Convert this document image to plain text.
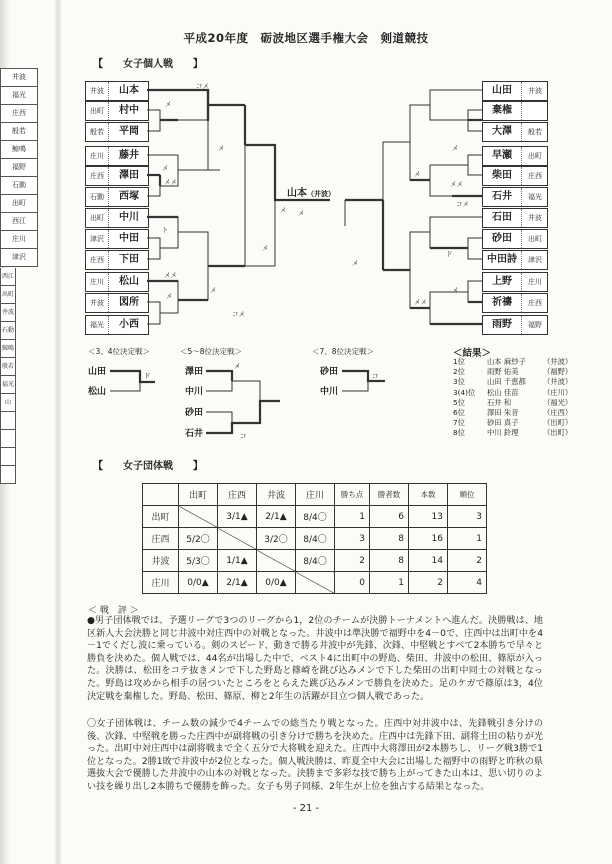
井波
福光
庄西
般若
鯨鳴
福野
石動
出町
西江
庄川
津沢
西江
出町
井波
石動
鯨鳴
般若
福光
山
平成20年度　砺波地区選手権大会　剣道競技
【　　女子個人戦　　】
井波	山本
出町	村中
般若	平岡
庄川	藤井
庄西	澤田
石動	西塚
出町	中川
津沢	中田
庄西	下田
庄川	松山
井波	図所
福光	小西
山田	井波
棄権
大澤	般若
早瀬	出町
柴田	庄西
石井	福光
石田	井波
砂田	出町
中田詩	津沢
上野	庄川
祈禱	庄西
雨野	福野
メ
コメ
メ
メメ
メ
ト
メメ
メ
メ
コメ
メ
メ
メ
メメ
コメ
メ
ド
メ
メメ
メ
メ
山本（井波）
＜3、4位決定戦＞	＜5～8位決定戦＞	＜7、8位決定戦＞
ド
メ
コ
コ
山田
松山
澤田
中川
砂田
石井
砂田
中川
＜結果＞
1位	山本 麻紗子 （井波）
2位	雨野 佑美	（福野）
3位	山田 千恵都 （井波）
3(4)位 松山 佳苗	（庄川）
5位	石井 和	（福光）
6位	澤田 朱音	（庄西）
7位	砂田 真子	（出町）
8位	中川 鈴理	（出町）
【　　女子団体戦　　】
	出町	庄西	井波	庄川	勝ち点	勝者数	本数	順位
出町		3/1▲	2/1▲	8/4〇	1	6	13	3
庄西	5/2〇		3/2〇	8/4〇	3	8	16	1
井波	5/3〇	1/1▲		8/4〇	2	8	14	2
庄川	0/0▲	2/1▲	0/0▲		0	1	2	4
＜ 戦　評 ＞
●男子団体戦では、予選リーグで3つのリーグから1，2位のチームが決勝トーナメントへ進んだ。決勝戦は、地区新人大会決勝と同じ井波中対庄西中の対戦となった。井波中は準決勝で福野中を4－0で、庄西中は出町中を4－1でくだし波に乗っている。剣のスピード、動きで勝る井波中が先鋒、次鋒、中堅戦とすべて2本勝ちで早々と勝負を決めた。個人戦では、44名が出場した中で、ベスト4に出町中の野島、柴田、井波中の松田、篠原が入った。決勝は、松田をコテ抜きメンで下した野島と篠崎を跳び込みメンで下した柴田の出町中同士の対戦となった。野島は攻めから相手の居ついたところをとらえた跳び込みメンで勝負を決めた。足のケガで篠原は3，4位決定戦を棄権した。野島、松田、篠原、柳と2年生の活躍が目立つ個人戦であった。
〇女子団体戦は、チーム数の減少で4チームでの総当たり戦となった。庄西中対井波中は、先鋒戦引き分けの後、次鋒、中堅戦を勝った庄西中が副将戦の引き分けで勝ちを決めた。庄西中は先鋒下田、副将土田の粘りが光った。出町中対庄西中は副将戦まで全く五分で大将戦を迎えた。庄西中大将澤田が2本勝ちし、リーグ戦3勝で1位となった。2勝1敗で井波中が2位となった。個人戦決勝は、昨夏全中大会に出場した福野中の雨野と昨秋の県選抜大会で優勝した井波中の山本の対戦となった。決勝まで多彩な技で勝ち上がってきた山本は、思い切りのよい技を繰り出し2本勝ちで優勝を飾った。女子も男子同様、2年生が上位を独占する結果となった。
- 21 -
